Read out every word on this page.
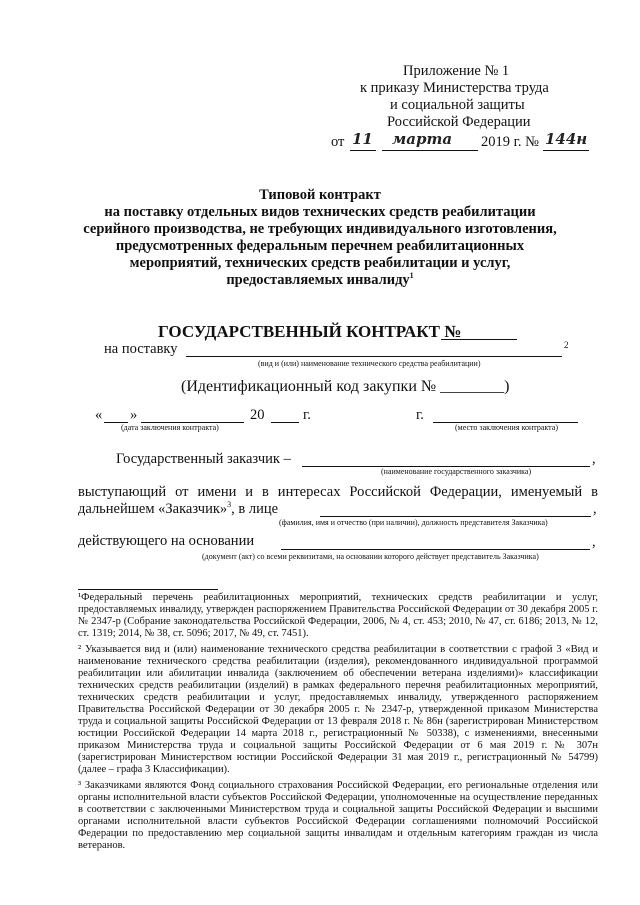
Приложение № 1
к приказу Министерства труда
и социальной защиты
Российской Федерации
от 11 марта 2019 г. № 144н
Типовой контракт
на поставку отдельных видов технических средств реабилитации
серийного производства, не требующих индивидуального изготовления,
предусмотренных федеральным перечнем реабилитационных
мероприятий, технических средств реабилитации и услуг,
предоставляемых инвалиду$^1$
ГОСУДАРСТВЕННЫЙ КОНТРАКТ №
на поставку	2
(вид и (или) наименование технического средства реабилитации)
(Идентификационный код закупки № ________)
« »	20	г.	г.
(дата заключения контракта)	(место заключения контракта)
Государственный заказчик –	,
(наименование государственного заказчика)
выступающий от имени и в интересах Российской Федерации, именуемый в
дальнейшем «Заказчик»$^3$, в лице	,
(фамилия, имя и отчество (при наличии), должность представителя Заказчика)
действующего на основании	,
(документ (акт) со всеми реквизитами, на основании которого действует представитель Заказчика)
¹Федеральный перечень реабилитационных мероприятий, технических средств реабилитации и услуг, предоставляемых инвалиду, утвержден распоряжением Правительства Российской Федерации от 30 декабря 2005 г. № 2347-р (Собрание законодательства Российской Федерации, 2006, № 4, ст. 453; 2010, № 47, ст. 6186; 2013, № 12, ст. 1319; 2014, № 38, ст. 5096; 2017, № 49, ст. 7451).
² Указывается вид и (или) наименование технического средства реабилитации в соответствии с графой 3 «Вид и наименование технического средства реабилитации (изделия), рекомендованного индивидуальной программой реабилитации или абилитации инвалида (заключением об обеспечении ветерана изделиями)» классификации технических средств реабилитации (изделий) в рамках федерального перечня реабилитационных мероприятий, технических средств реабилитации и услуг, предоставляемых инвалиду, утвержденного распоряжением Правительства Российской Федерации от 30 декабря 2005 г. № 2347-р, утвержденной приказом Министерства труда и социальной защиты Российской Федерации от 13 февраля 2018 г. № 86н (зарегистрирован Министерством юстиции Российской Федерации 14 марта 2018 г., регистрационный № 50338), с изменениями, внесенными приказом Министерства труда и социальной защиты Российской Федерации от 6 мая 2019 г. № 307н (зарегистрирован Министерством юстиции Российской Федерации 31 мая 2019 г., регистрационный № 54799) (далее – графа 3 Классификации).
³ Заказчиками являются Фонд социального страхования Российской Федерации, его региональные отделения или органы исполнительной власти субъектов Российской Федерации, уполномоченные на осуществление переданных в соответствии с заключенными Министерством труда и социальной защиты Российской Федерации и высшими органами исполнительной власти субъектов Российской Федерации соглашениями полномочий Российской Федерации по предоставлению мер социальной защиты инвалидам и отдельным категориям граждан из числа ветеранов.
